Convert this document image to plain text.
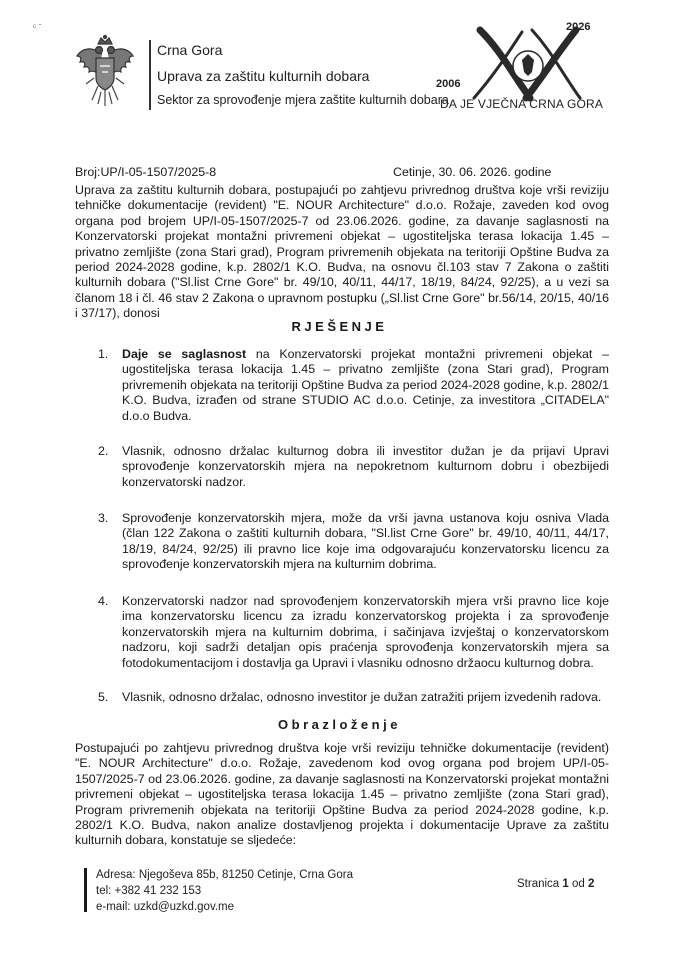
Crna Gora
Uprava za zaštitu kulturnih dobara
Sektor za sprovođenje mjera zaštite kulturnih dobara
2026
2006
DA JE VJEČNA CRNA GORA
ᶜ ˉ
Broj:UP/I-05-1507/2025-8	Cetinje, 30. 06. 2026. godine
Uprava za zaštitu kulturnih dobara, postupajući po zahtjevu privrednog društva koje vrši reviziju tehničke dokumentacije (revident) "E. NOUR Architecture" d.o.o. Rožaje, zaveden kod ovog organa pod brojem UP/I-05-1507/2025-7 od 23.06.2026. godine, za davanje saglasnosti na Konzervatorski projekat montažni privremeni objekat – ugostiteljska terasa lokacija 1.45 – privatno zemljište (zona Stari grad), Program privremenih objekata na teritoriji Opštine Budva za period 2024-2028 godine, k.p. 2802/1 K.O. Budva, na osnovu čl.103 stav 7 Zakona o zaštiti kulturnih dobara ("Sl.list Crne Gore" br. 49/10, 40/11, 44/17, 18/19, 84/24, 92/25), a u vezi sa članom 18 i čl. 46 stav 2 Zakona o upravnom postupku („Sl.list Crne Gore" br.56/14, 20/15, 40/16 i 37/17), donosi
RJEŠENJE
1. Daje se saglasnost na Konzervatorski projekat montažni privremeni objekat – ugostiteljska terasa lokacija 1.45 – privatno zemljište (zona Stari grad), Program privremenih objekata na teritoriji Opštine Budva za period 2024-2028 godine, k.p. 2802/1 K.O. Budva, izrađen od strane STUDIO AC d.o.o. Cetinje, za investitora „CITADELA" d.o.o Budva.
2. Vlasnik, odnosno držalac kulturnog dobra ili investitor dužan je da prijavi Upravi sprovođenje konzervatorskih mjera na nepokretnom kulturnom dobru i obezbijedi konzervatorski nadzor.
3. Sprovođenje konzervatorskih mjera, može da vrši javna ustanova koju osniva Vlada (član 122 Zakona o zaštiti kulturnih dobara, "Sl.list Crne Gore" br. 49/10, 40/11, 44/17, 18/19, 84/24, 92/25) ili pravno lice koje ima odgovarajuću konzervatorsku licencu za sprovođenje konzervatorskih mjera na kulturnim dobrima.
4. Konzervatorski nadzor nad sprovođenjem konzervatorskih mjera vrši pravno lice koje ima konzervatorsku licencu za izradu konzervatorskog projekta i za sprovođenje konzervatorskih mjera na kulturnim dobrima, i sačinjava izvještaj o konzervatorskom nadzoru, koji sadrži detaljan opis praćenja sprovođenja konzervatorskih mjera sa fotodokumentacijom i dostavlja ga Upravi i vlasniku odnosno držaocu kulturnog dobra.
5. Vlasnik, odnosno držalac, odnosno investitor je dužan zatražiti prijem izvedenih radova.
Obrazloženje
Postupajući po zahtjevu privrednog društva koje vrši reviziju tehničke dokumentacije (revident) "E. NOUR Architecture" d.o.o. Rožaje, zavedenom kod ovog organa pod brojem UP/I-05-1507/2025-7 od 23.06.2026. godine, za davanje saglasnosti na Konzervatorski projekat montažni privremeni objekat – ugostiteljska terasa lokacija 1.45 – privatno zemljište (zona Stari grad), Program privremenih objekata na teritoriji Opštine Budva za period 2024-2028 godine, k.p. 2802/1 K.O. Budva, nakon analize dostavljenog projekta i dokumentacije Uprave za zaštitu kulturnih dobara, konstatuje se sljedeće:
Adresa: Njegoševa 85b, 81250 Cetinje, Crna Gora
tel: +382 41 232 153
e-mail: uzkd@uzkd.gov.me
Stranica 1 od 2
